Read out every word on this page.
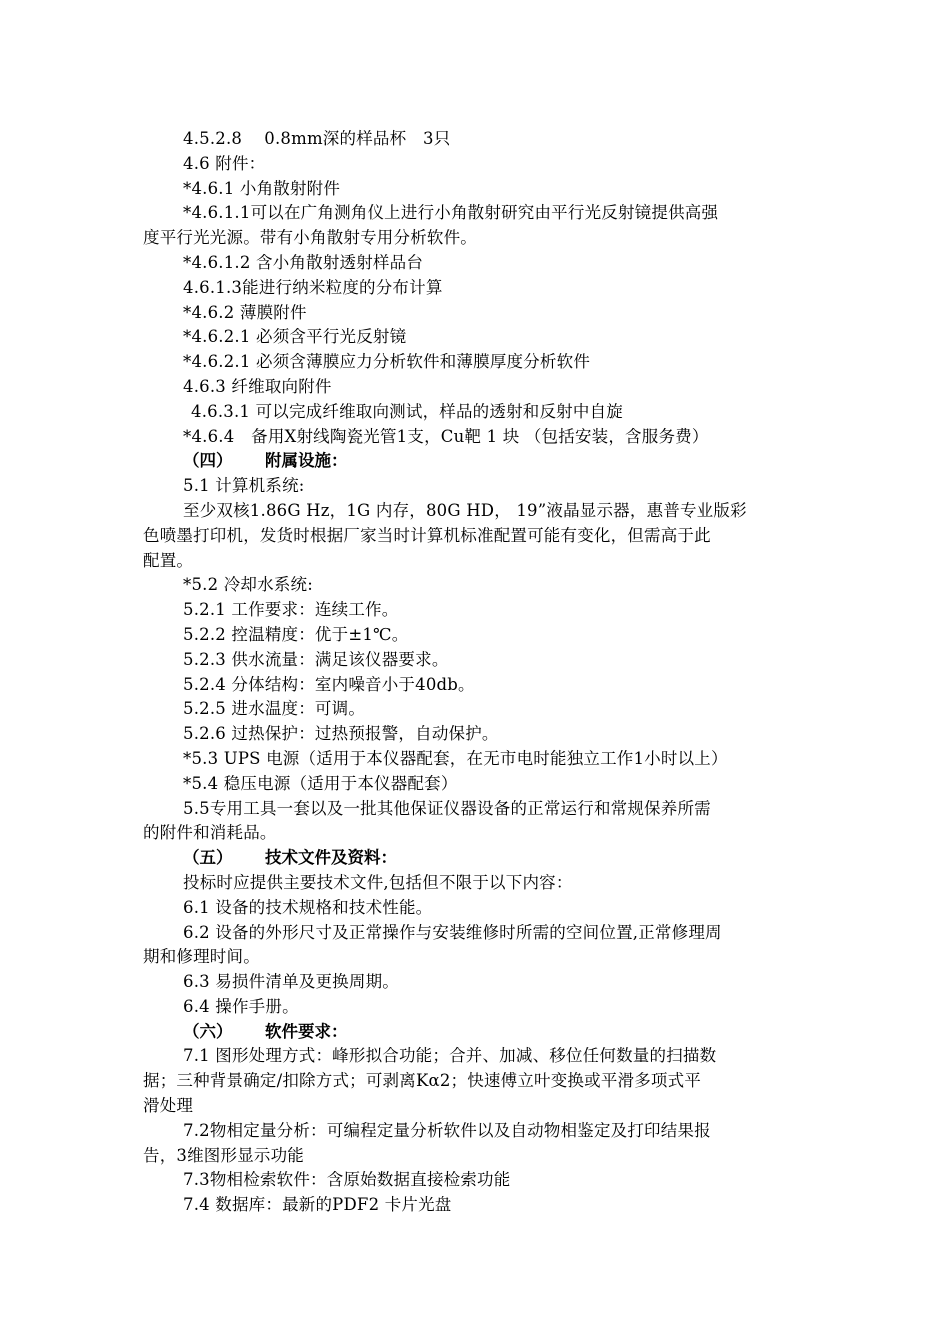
4.5.2.8　 0.8mm深的样品杯　3只
4.6 附件：
*4.6.1 小角散射附件
*4.6.1.1可以在广角测角仪上进行小角散射研究由平行光反射镜提供高强
度平行光光源。带有小角散射专用分析软件。
*4.6.1.2 含小角散射透射样品台
4.6.1.3能进行纳米粒度的分布计算
*4.6.2 薄膜附件
*4.6.2.1 必须含平行光反射镜
*4.6.2.1 必须含薄膜应力分析软件和薄膜厚度分析软件
4.6.3 纤维取向附件
4.6.3.1 可以完成纤维取向测试，样品的透射和反射中自旋
*4.6.4　备用X射线陶瓷光管1支，Cu靶 1 块 （包括安装，含服务费）
（四） 附属设施：
5.1 计算机系统:
至少双核1.86G Hz，1G 内存，80G HD， 19”液晶显示器，惠普专业版彩
色喷墨打印机，发货时根据厂家当时计算机标准配置可能有变化，但需高于此
配置。
*5.2 冷却水系统:
5.2.1 工作要求：连续工作。
5.2.2 控温精度：优于±1℃。
5.2.3 供水流量：满足该仪器要求。
5.2.4 分体结构：室内噪音小于40db。
5.2.5 进水温度：可调。
5.2.6 过热保护：过热预报警，自动保护。
*5.3 UPS 电源（适用于本仪器配套，在无市电时能独立工作1小时以上）
*5.4 稳压电源（适用于本仪器配套）
5.5专用工具一套以及一批其他保证仪器设备的正常运行和常规保养所需
的附件和消耗品。
（五） 技术文件及资料：
投标时应提供主要技术文件,包括但不限于以下内容：
6.1 设备的技术规格和技术性能。
6.2 设备的外形尺寸及正常操作与安装维修时所需的空间位置,正常修理周
期和修理时间。
6.3 易损件清单及更换周期。
6.4 操作手册。
（六） 软件要求：
7.1 图形处理方式：峰形拟合功能；合并、加减、移位任何数量的扫描数
据；三种背景确定/扣除方式；可剥离Kα2；快速傅立叶变换或平滑多项式平
滑处理
7.2物相定量分析：可编程定量分析软件以及自动物相鉴定及打印结果报
告，3维图形显示功能
7.3物相检索软件：含原始数据直接检索功能
7.4 数据库：最新的PDF2 卡片光盘
